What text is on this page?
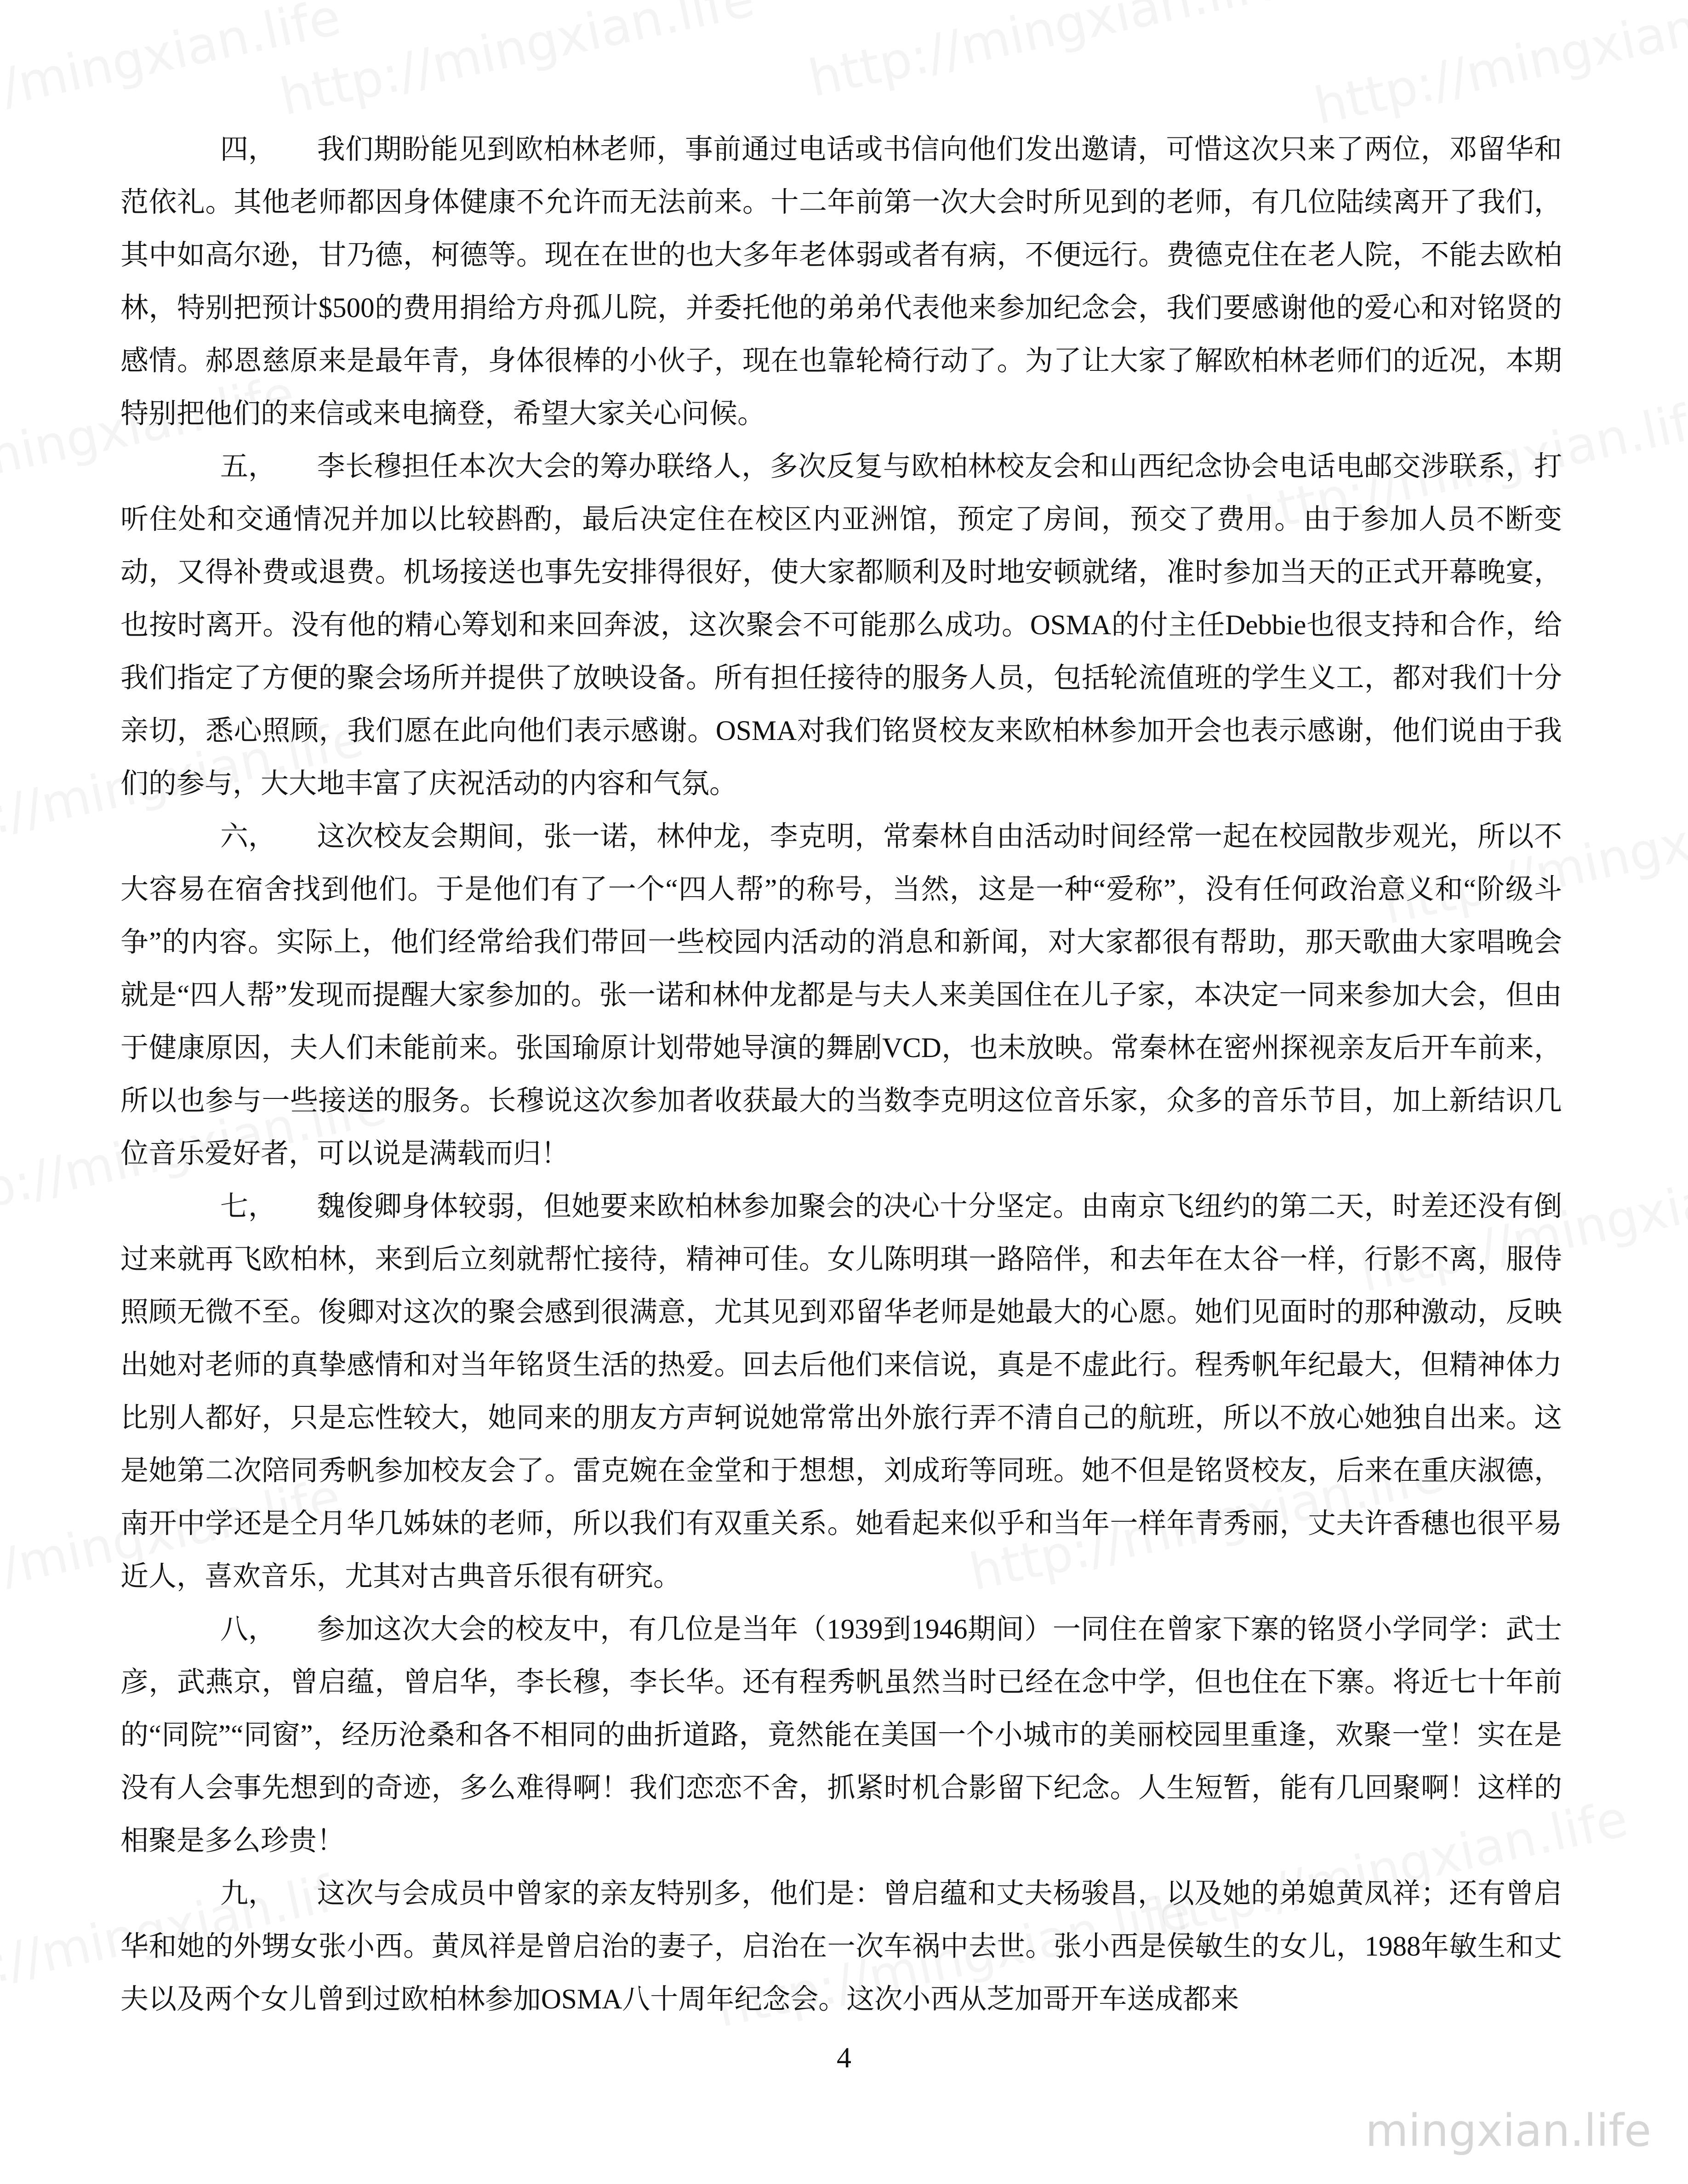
四， 我们期盼能见到欧柏林老师，事前通过电话或书信向他们发出邀请，可惜这次只来了两位，邓留华和范依礼。其他老师都因身体健康不允许而无法前来。十二年前第一次大会时所见到的老师，有几位陆续离开了我们，其中如高尔逊，甘乃德，柯德等。现在在世的也大多年老体弱或者有病，不便远行。费德克住在老人院，不能去欧柏林，特别把预计$500的费用捐给方舟孤儿院，并委托他的弟弟代表他来参加纪念会，我们要感谢他的爱心和对铭贤的感情。郝恩慈原来是最年青，身体很棒的小伙子，现在也靠轮椅行动了。为了让大家了解欧柏林老师们的近况，本期特别把他们的来信或来电摘登，希望大家关心问候。

五， 李长穆担任本次大会的筹办联络人，多次反复与欧柏林校友会和山西纪念协会电话电邮交涉联系，打听住处和交通情况并加以比较斟酌，最后决定住在校区内亚洲馆，预定了房间，预交了费用。由于参加人员不断变动，又得补费或退费。机场接送也事先安排得很好，使大家都顺利及时地安顿就绪，准时参加当天的正式开幕晚宴，也按时离开。没有他的精心筹划和来回奔波，这次聚会不可能那么成功。OSMA的付主任Debbie也很支持和合作，给我们指定了方便的聚会场所并提供了放映设备。所有担任接待的服务人员，包括轮流值班的学生义工，都对我们十分亲切，悉心照顾，我们愿在此向他们表示感谢。OSMA对我们铭贤校友来欧柏林参加开会也表示感谢，他们说由于我们的参与，大大地丰富了庆祝活动的内容和气氛。

六， 这次校友会期间，张一诺，林仲龙，李克明，常秦林自由活动时间经常一起在校园散步观光，所以不大容易在宿舍找到他们。于是他们有了一个“四人帮”的称号，当然，这是一种“爱称”，没有任何政治意义和“阶级斗争”的内容。实际上，他们经常给我们带回一些校园内活动的消息和新闻，对大家都很有帮助，那天歌曲大家唱晚会就是“四人帮”发现而提醒大家参加的。张一诺和林仲龙都是与夫人来美国住在儿子家，本决定一同来参加大会，但由于健康原因，夫人们未能前来。张国瑜原计划带她导演的舞剧VCD，也未放映。常秦林在密州探视亲友后开车前来，所以也参与一些接送的服务。长穆说这次参加者收获最大的当数李克明这位音乐家，众多的音乐节目，加上新结识几位音乐爱好者，可以说是满载而归！

七， 魏俊卿身体较弱，但她要来欧柏林参加聚会的决心十分坚定。由南京飞纽约的第二天，时差还没有倒过来就再飞欧柏林，来到后立刻就帮忙接待，精神可佳。女儿陈明琪一路陪伴，和去年在太谷一样，行影不离，服侍照顾无微不至。俊卿对这次的聚会感到很满意，尤其见到邓留华老师是她最大的心愿。她们见面时的那种激动，反映出她对老师的真挚感情和对当年铭贤生活的热爱。回去后他们来信说，真是不虚此行。程秀帆年纪最大，但精神体力比别人都好，只是忘性较大，她同来的朋友方声轲说她常常出外旅行弄不清自己的航班，所以不放心她独自出来。这是她第二次陪同秀帆参加校友会了。雷克婉在金堂和于想想，刘成珩等同班。她不但是铭贤校友，后来在重庆淑德，南开中学还是仝月华几姊妹的老师，所以我们有双重关系。她看起来似乎和当年一样年青秀丽，丈夫许香穗也很平易近人，喜欢音乐，尤其对古典音乐很有研究。

八， 参加这次大会的校友中，有几位是当年（1939到1946期间）一同住在曾家下寨的铭贤小学同学：武士彦，武燕京，曾启蕴，曾启华，李长穆，李长华。还有程秀帆虽然当时已经在念中学，但也住在下寨。将近七十年前的“同院”“同窗”，经历沧桑和各不相同的曲折道路，竟然能在美国一个小城市的美丽校园里重逢，欢聚一堂！实在是没有人会事先想到的奇迹，多么难得啊！我们恋恋不舍，抓紧时机合影留下纪念。人生短暂，能有几回聚啊！这样的相聚是多么珍贵！

九， 这次与会成员中曾家的亲友特别多，他们是：曾启蕴和丈夫杨骏昌，以及她的弟媳黄凤祥；还有曾启华和她的外甥女张小西。黄凤祥是曾启治的妻子，启治在一次车祸中去世。张小西是侯敏生的女儿，1988年敏生和丈夫以及两个女儿曾到过欧柏林参加OSMA八十周年纪念会。这次小西从芝加哥开车送成都来

4
mingxian.life
